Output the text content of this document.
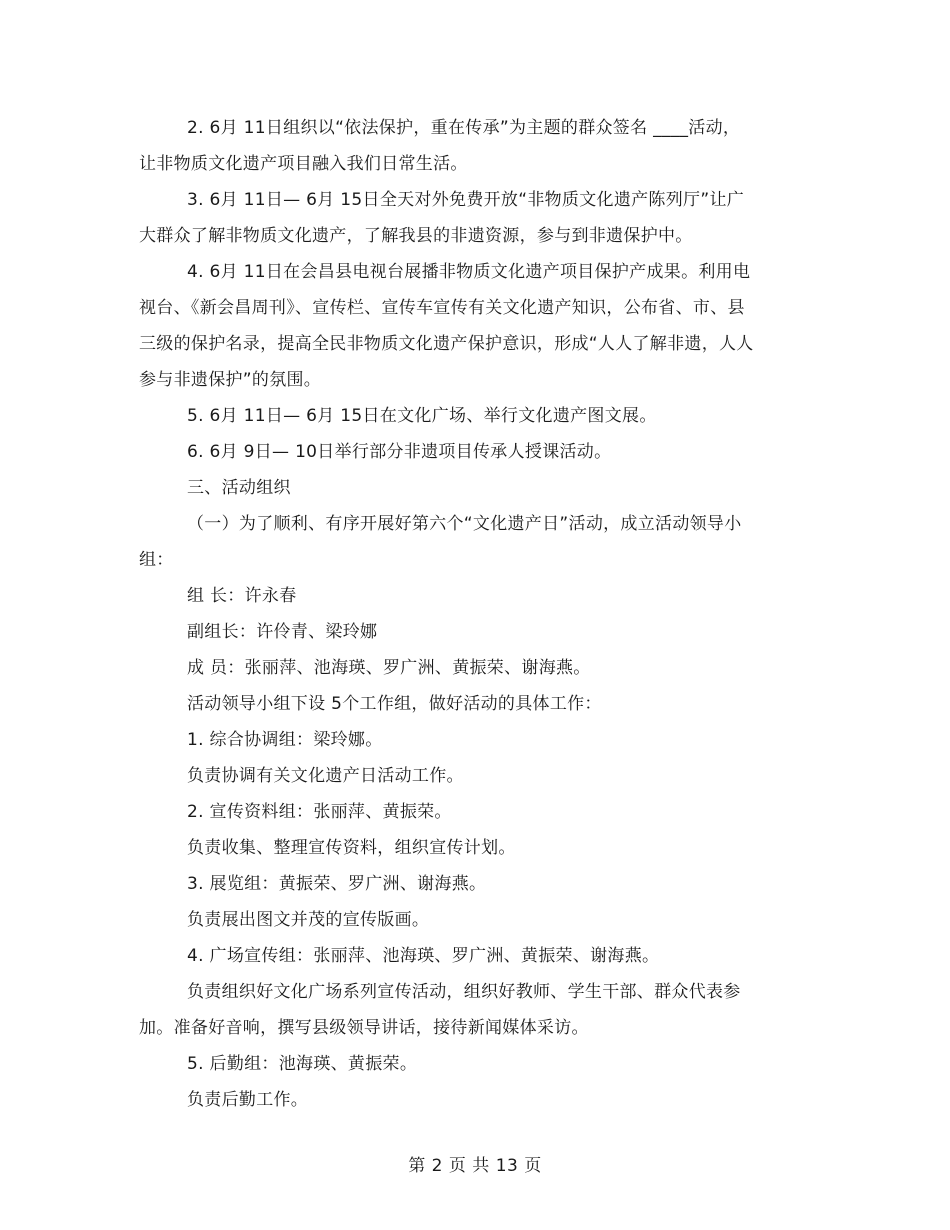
2. 6月 11日组织以“依法保护，重在传承”为主题的群众签名 ____活动，
让非物质文化遗产项目融入我们日常生活。
3. 6月 11日— 6月 15日全天对外免费开放“非物质文化遗产陈列厅”让广
大群众了解非物质文化遗产，了解我县的非遗资源，参与到非遗保护中。
4. 6月 11日在会昌县电视台展播非物质文化遗产项目保护产成果。利用电
视台、《新会昌周刊》、宣传栏、宣传车宣传有关文化遗产知识，公布省、市、县
三级的保护名录，提高全民非物质文化遗产保护意识，形成“人人了解非遗，人人
参与非遗保护”的氛围。
5. 6月 11日— 6月 15日在文化广场、举行文化遗产图文展。
6. 6月 9日— 10日举行部分非遗项目传承人授课活动。
三、活动组织
（一）为了顺利、有序开展好第六个“文化遗产日”活动，成立活动领导小
组：
组 长：许永春
副组长：许伶青、梁玲娜
成 员：张丽萍、池海瑛、罗广洲、黄振荣、谢海燕。
活动领导小组下设 5个工作组，做好活动的具体工作：
1. 综合协调组：梁玲娜。
负责协调有关文化遗产日活动工作。
2. 宣传资料组：张丽萍、黄振荣。
负责收集、整理宣传资料，组织宣传计划。
3. 展览组：黄振荣、罗广洲、谢海燕。
负责展出图文并茂的宣传版画。
4. 广场宣传组：张丽萍、池海瑛、罗广洲、黄振荣、谢海燕。
负责组织好文化广场系列宣传活动，组织好教师、学生干部、群众代表参
加。准备好音响，撰写县级领导讲话，接待新闻媒体采访。
5. 后勤组：池海瑛、黄振荣。
负责后勤工作。
第 2 页 共 13 页
